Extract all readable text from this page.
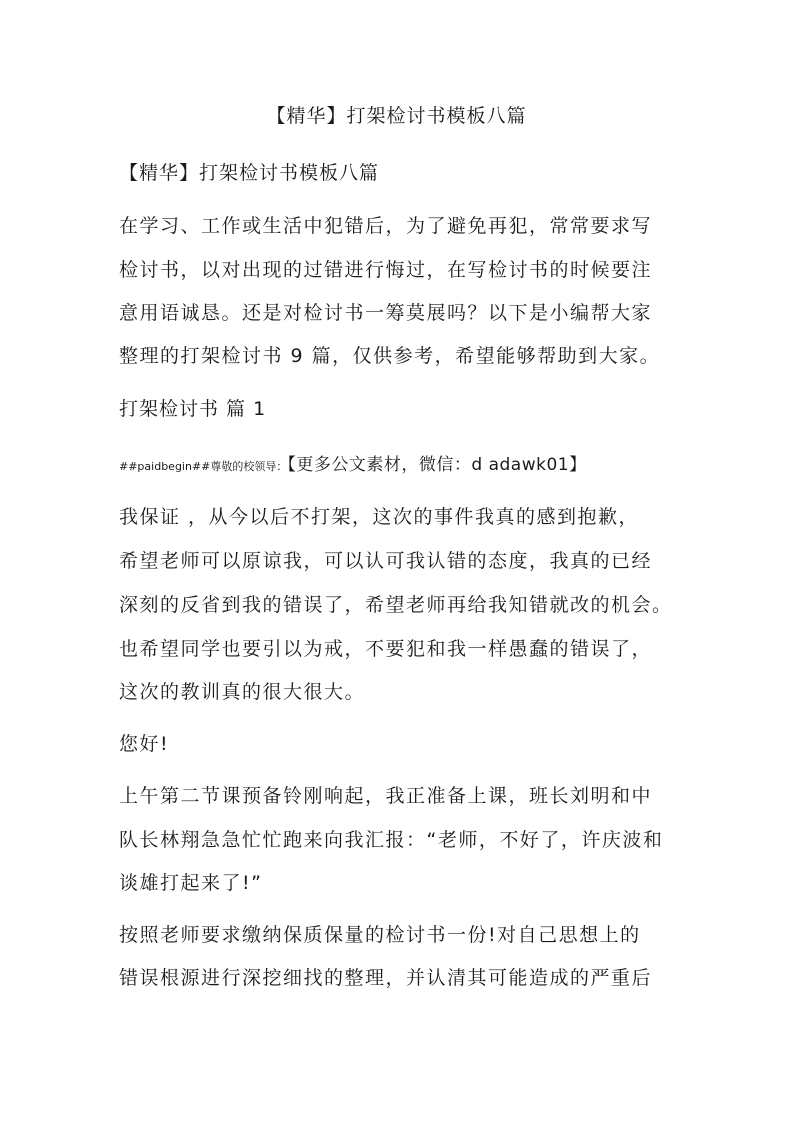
【精华】打架检讨书模板八篇
【精华】打架检讨书模板八篇
在学习、工作或生活中犯错后，为了避免再犯，常常要求写
检讨书，以对出现的过错进行悔过，在写检讨书的时候要注
意用语诚恳。还是对检讨书一筹莫展吗？以下是小编帮大家
整理的打架检讨书 9 篇，仅供参考，希望能够帮助到大家。
打架检讨书 篇 1
##paidbegin##尊敬的校领导：【更多公文素材，微信：d adawk01】
我保证 ，从今以后不打架，这次的事件我真的感到抱歉，
希望老师可以原谅我，可以认可我认错的态度，我真的已经
深刻的反省到我的错误了，希望老师再给我知错就改的机会。
也希望同学也要引以为戒，不要犯和我一样愚蠢的错误了，
这次的教训真的很大很大。
您好!
上午第二节课预备铃刚响起，我正准备上课，班长刘明和中
队长林翔急急忙忙跑来向我汇报：“老师，不好了，许庆波和
谈雄打起来了!”
按照老师要求缴纳保质保量的检讨书一份!对自己思想上的
错误根源进行深挖细找的整理，并认清其可能造成的严重后
